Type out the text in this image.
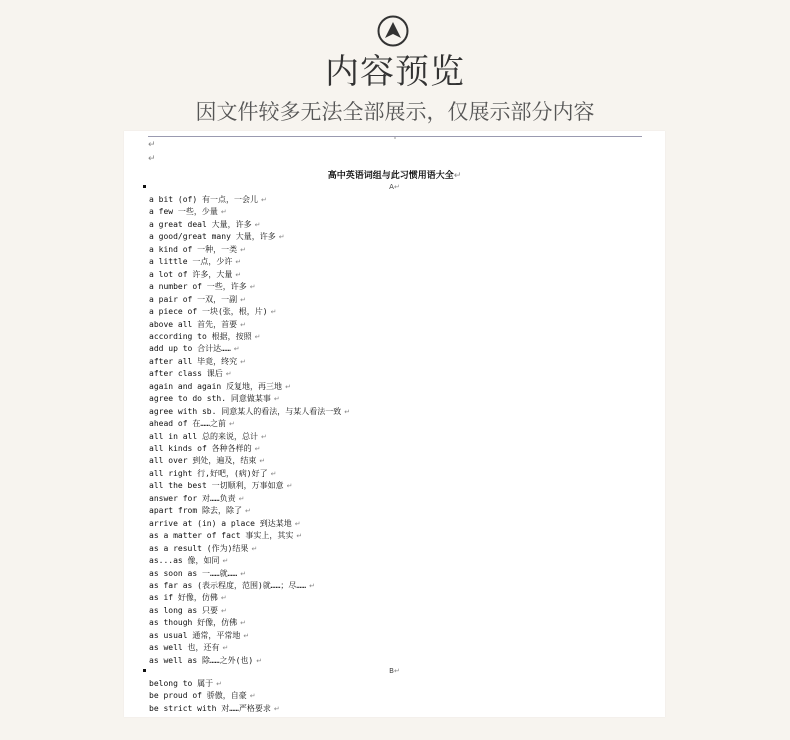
内容预览
因文件较多无法全部展示，仅展示部分内容
↵
↵
高中英语词组与此习惯用语大全↵
A↵
B↵
a bit (of) 有一点，一会儿 ↵
a few 一些，少量 ↵
a great deal 大量，许多 ↵
a good/great many 大量，许多 ↵
a kind of 一种，一类 ↵
a little 一点，少许 ↵
a lot of 许多，大量 ↵
a number of 一些，许多 ↵
a pair of 一双，一副 ↵
a piece of 一块(张，根，片) ↵
above all 首先，首要 ↵
according to 根据，按照 ↵
add up to 合计达…… ↵
after all 毕竟，终究 ↵
after class 课后 ↵
again and again 反复地，再三地 ↵
agree to do sth. 同意做某事 ↵
agree with sb. 同意某人的看法，与某人看法一致 ↵
ahead of 在……之前 ↵
all in all 总的来说，总计 ↵
all kinds of 各种各样的 ↵
all over 到处，遍及，结束 ↵
all right 行,好吧，(病)好了 ↵
all the best 一切顺利，万事如意 ↵
answer for 对……负责 ↵
apart from 除去，除了 ↵
arrive at (in) a place 到达某地 ↵
as a matter of fact 事实上，其实 ↵
as a result (作为)结果 ↵
as...as 像，如同 ↵
as soon as 一……就…… ↵
as far as (表示程度，范围)就……；尽…… ↵
as if 好像，仿佛 ↵
as long as 只要 ↵
as though 好像，仿佛 ↵
as usual 通常，平常地 ↵
as well 也，还有 ↵
as well as 除……之外(也) ↵
belong to 属于 ↵
be proud of 骄傲，自豪 ↵
be strict with 对……严格要求 ↵
